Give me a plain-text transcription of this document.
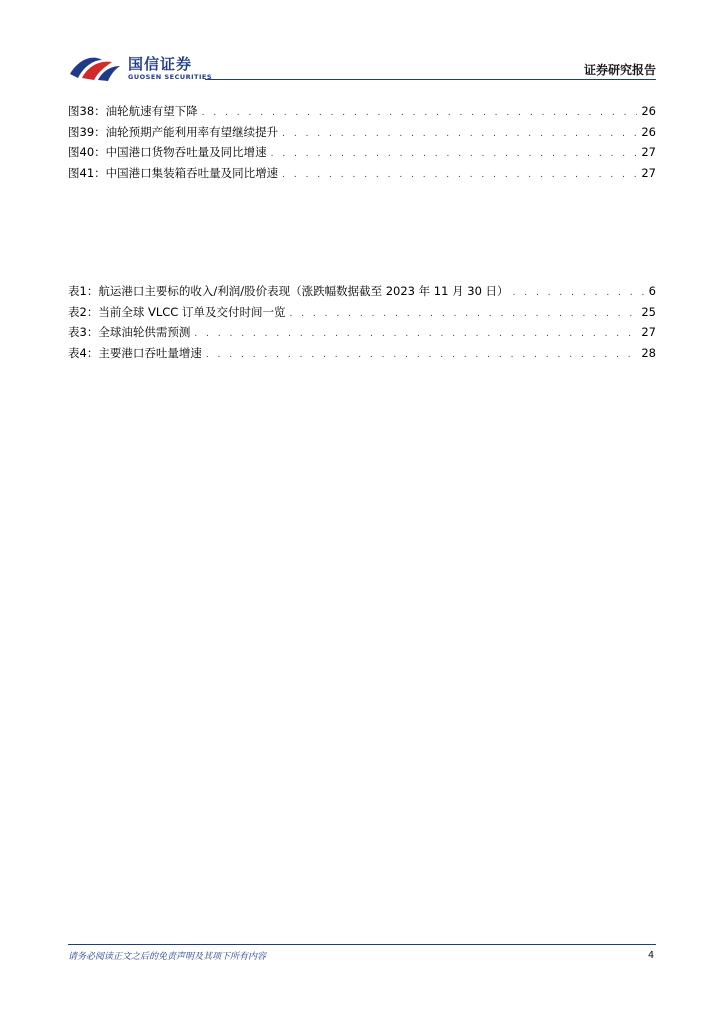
国信证券
GUOSEN SECURITIES	证券研究报告
图38： 油轮航速有望下降 . . .	26
图39： 油轮预期产能利用率有望继续提升 . . .	26
图40： 中国港口货物吞吐量及同比增速 . . .	27
图41： 中国港口集装箱吞吐量及同比增速 . . .	27
表1： 航运港口主要标的收入/利润/股价表现（涨跌幅数据截至 2023 年 11 月 30 日） . . .	6
表2： 当前全球 VLCC 订单及交付时间一览 . . .	25
表3： 全球油轮供需预测 . . .	27
表4： 主要港口吞吐量增速 . . .	28
请务必阅读正文之后的免责声明及其项下所有内容	4
